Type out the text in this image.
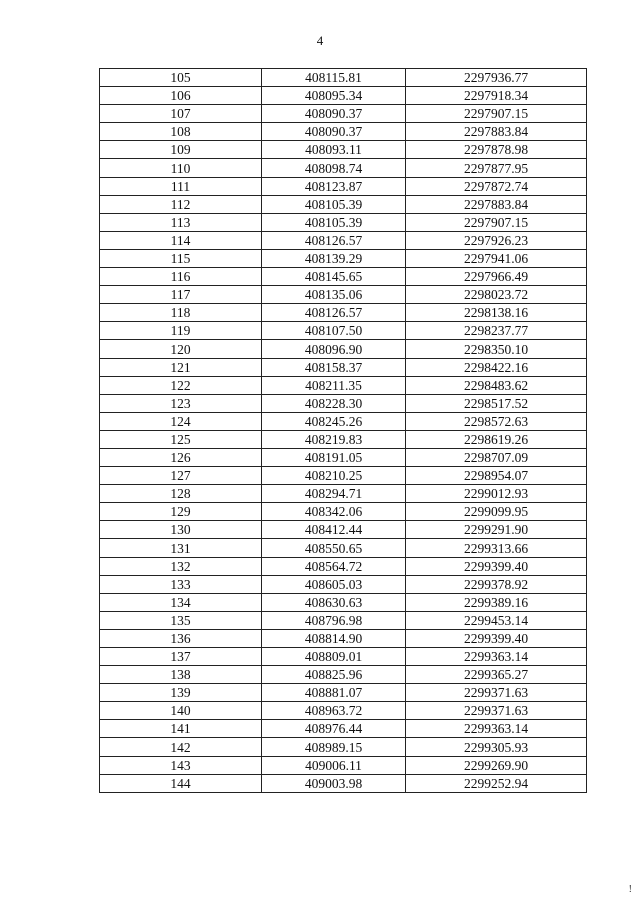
4
105	408115.81	2297936.77
106	408095.34	2297918.34
107	408090.37	2297907.15
108	408090.37	2297883.84
109	408093.11	2297878.98
110	408098.74	2297877.95
111	408123.87	2297872.74
112	408105.39	2297883.84
113	408105.39	2297907.15
114	408126.57	2297926.23
115	408139.29	2297941.06
116	408145.65	2297966.49
117	408135.06	2298023.72
118	408126.57	2298138.16
119	408107.50	2298237.77
120	408096.90	2298350.10
121	408158.37	2298422.16
122	408211.35	2298483.62
123	408228.30	2298517.52
124	408245.26	2298572.63
125	408219.83	2298619.26
126	408191.05	2298707.09
127	408210.25	2298954.07
128	408294.71	2299012.93
129	408342.06	2299099.95
130	408412.44	2299291.90
131	408550.65	2299313.66
132	408564.72	2299399.40
133	408605.03	2299378.92
134	408630.63	2299389.16
135	408796.98	2299453.14
136	408814.90	2299399.40
137	408809.01	2299363.14
138	408825.96	2299365.27
139	408881.07	2299371.63
140	408963.72	2299371.63
141	408976.44	2299363.14
142	408989.15	2299305.93
143	409006.11	2299269.90
144	409003.98	2299252.94
!
